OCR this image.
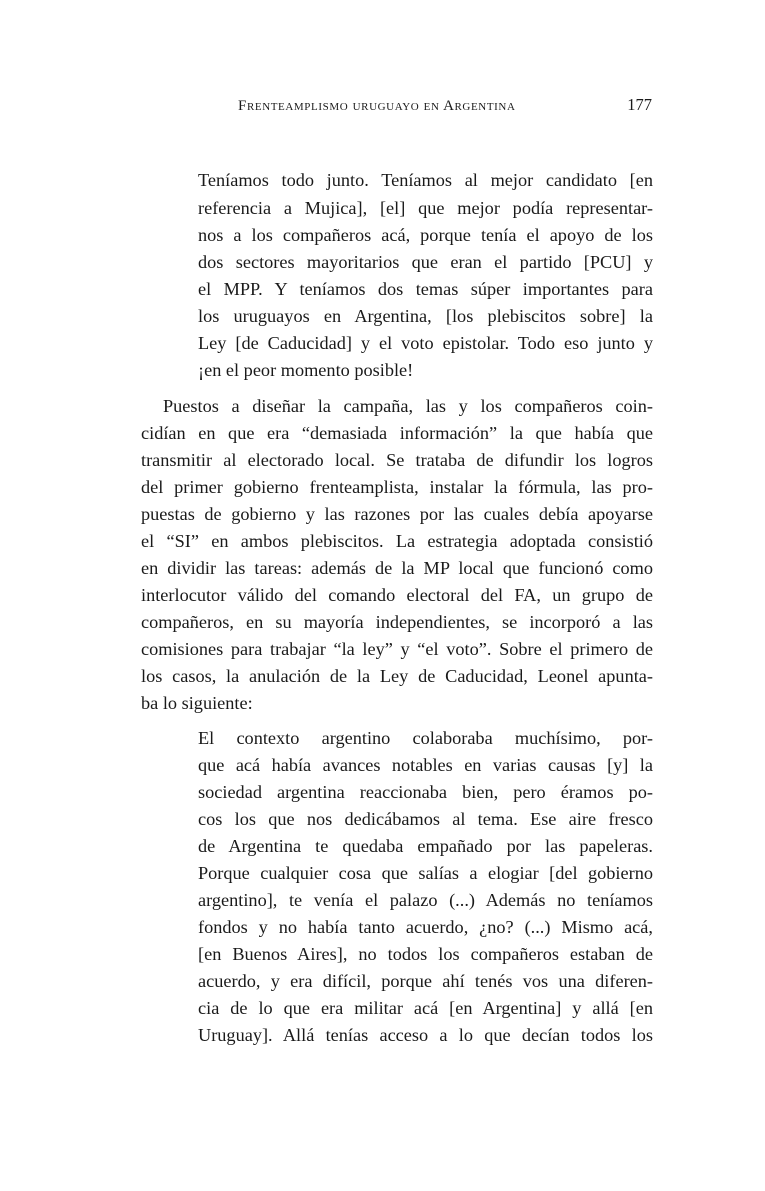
Frenteamplismo uruguayo en Argentina	177
Teníamos todo junto. Teníamos al mejor candidato [en
referencia a Mujica], [el] que mejor podía representar-
nos a los compañeros acá, porque tenía el apoyo de los
dos sectores mayoritarios que eran el partido [PCU] y
el MPP. Y teníamos dos temas súper importantes para
los uruguayos en Argentina, [los plebiscitos sobre] la
Ley [de Caducidad] y el voto epistolar. Todo eso junto y
¡en el peor momento posible!
Puestos a diseñar la campaña, las y los compañeros coin-
cidían en que era “demasiada información” la que había que
transmitir al electorado local. Se trataba de difundir los logros
del primer gobierno frenteamplista, instalar la fórmula, las pro-
puestas de gobierno y las razones por las cuales debía apoyarse
el “SI” en ambos plebiscitos. La estrategia adoptada consistió
en dividir las tareas: además de la MP local que funcionó como
interlocutor válido del comando electoral del FA, un grupo de
compañeros, en su mayoría independientes, se incorporó a las
comisiones para trabajar “la ley” y “el voto”. Sobre el primero de
los casos, la anulación de la Ley de Caducidad, Leonel apunta-
ba lo siguiente:
El contexto argentino colaboraba muchísimo, por-
que acá había avances notables en varias causas [y] la
sociedad argentina reaccionaba bien, pero éramos po-
cos los que nos dedicábamos al tema. Ese aire fresco
de Argentina te quedaba empañado por las papeleras.
Porque cualquier cosa que salías a elogiar [del gobierno
argentino], te venía el palazo (...) Además no teníamos
fondos y no había tanto acuerdo, ¿no? (...) Mismo acá,
[en Buenos Aires], no todos los compañeros estaban de
acuerdo, y era difícil, porque ahí tenés vos una diferen-
cia de lo que era militar acá [en Argentina] y allá [en
Uruguay]. Allá tenías acceso a lo que decían todos los
